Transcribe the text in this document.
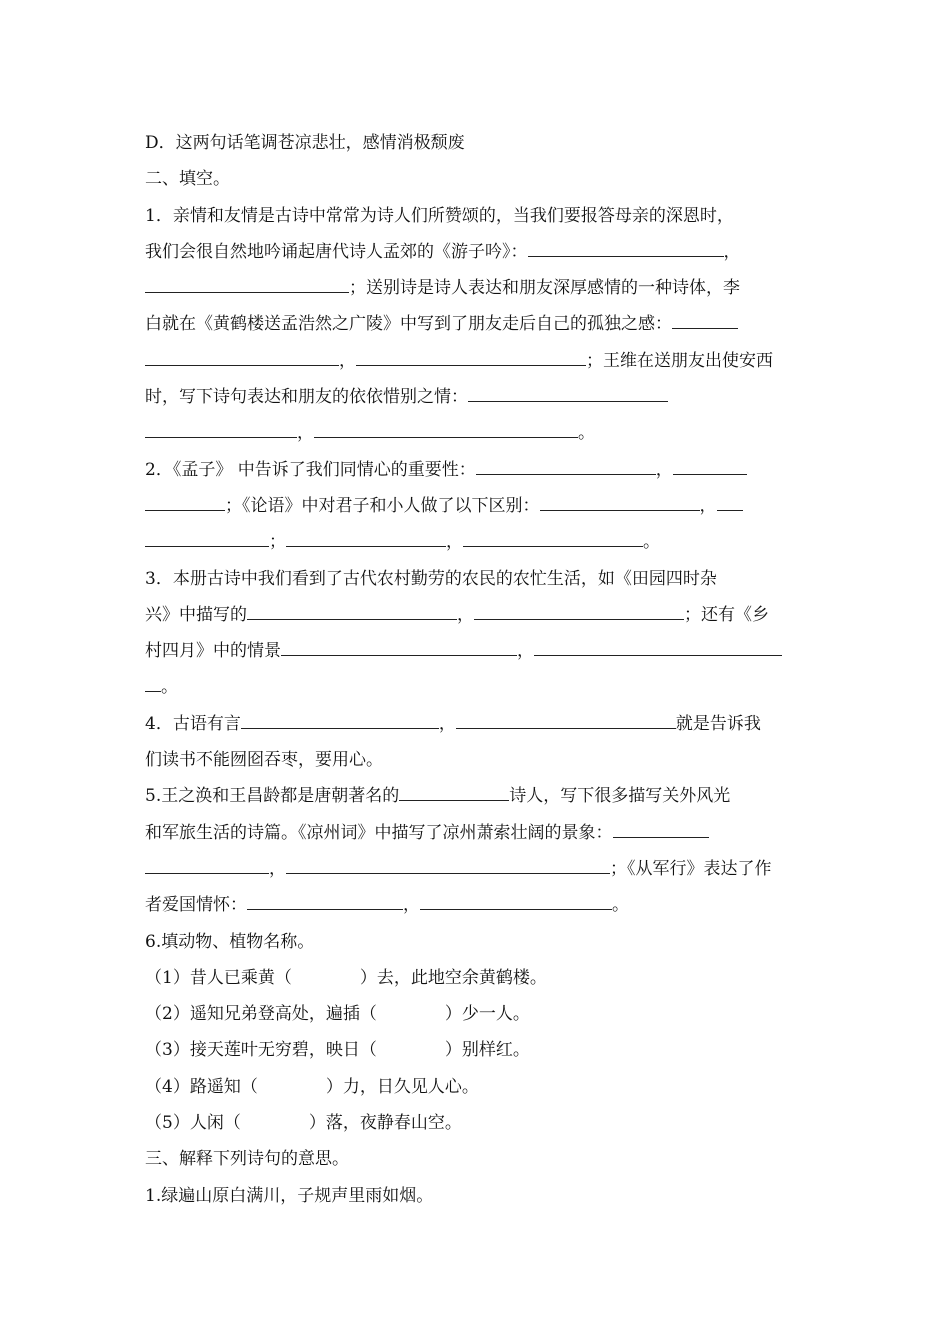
D．这两句话笔调苍凉悲壮，感情消极颓废
二、填空。
1．亲情和友情是古诗中常常为诗人们所赞颂的，当我们要报答母亲的深恩时，
我们会很自然地吟诵起唐代诗人孟郊的《游子吟》：	，
；送别诗是诗人表达和朋友深厚感情的一种诗体，李
白就在《黄鹤楼送孟浩然之广陵》中写到了朋友走后自己的孤独之感：
，	；王维在送朋友出使安西
时，写下诗句表达和朋友的依依惜别之情：
，	。
2．《孟子》 中告诉了我们同情心的重要性：	，
；《论语》中对君子和小人做了以下区别：	，
；	，	。
3．本册古诗中我们看到了古代农村勤劳的农民的农忙生活，如《田园四时杂
兴》中描写的	，	；还有《乡
村四月》中的情景	，
。
4．古语有言	，	就是告诉我
们读书不能囫囵吞枣，要用心。
5.王之涣和王昌龄都是唐朝著名的	诗人，写下很多描写关外风光
和军旅生活的诗篇。《凉州词》中描写了凉州萧索壮阔的景象：
，	；《从军行》表达了作
者爱国情怀：	，	。
6.填动物、植物名称。
（1）昔人已乘黄（	）去，此地空余黄鹤楼。
（2）遥知兄弟登高处，遍插（	）少一人。
（3）接天莲叶无穷碧，映日（	）别样红。
（4）路遥知（	）力，日久见人心。
（5）人闲（	）落，夜静春山空。
三、解释下列诗句的意思。
1.绿遍山原白满川，子规声里雨如烟。
